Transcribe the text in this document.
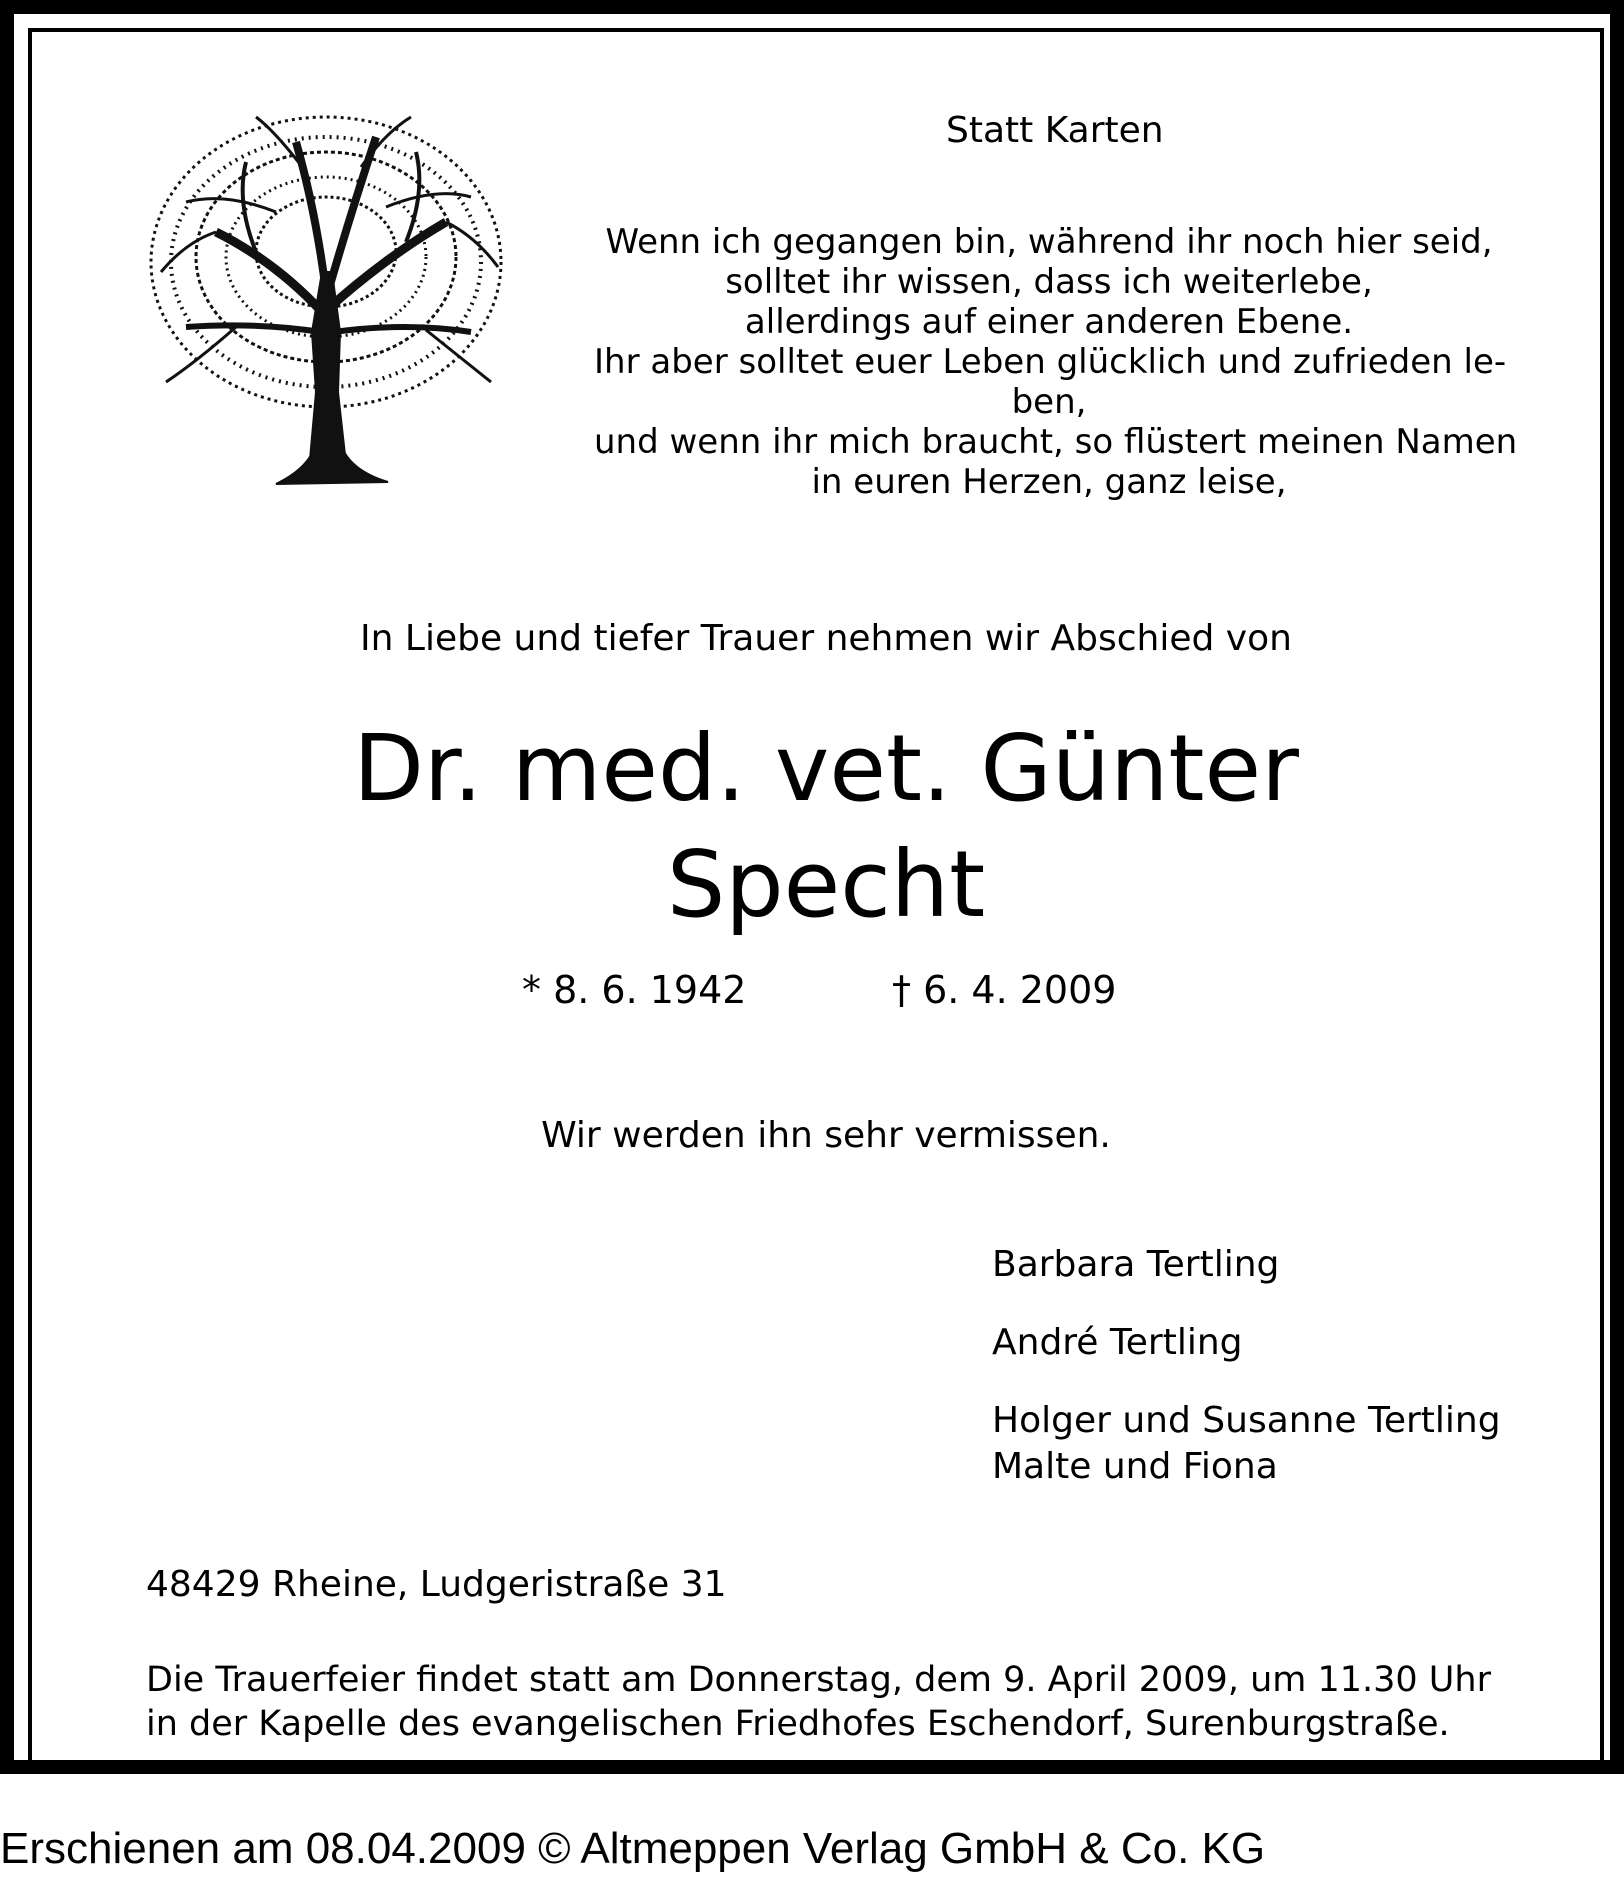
Statt Karten
Wenn ich gegangen bin, während ihr noch hier seid,
solltet ihr wissen, dass ich weiterlebe,
allerdings auf einer anderen Ebene.
Ihr aber solltet euer Leben glücklich und zufrieden le-
ben,
und wenn ihr mich braucht, so flüstert meinen Namen
in euren Herzen, ganz leise,
In Liebe und tiefer Trauer nehmen wir Abschied von
Dr. med. vet. Günter
Specht
* 8. 6. 1942	† 6. 4. 2009
Wir werden ihn sehr vermissen.
Barbara Tertling
André Tertling
Holger und Susanne Tertling
Malte und Fiona
48429 Rheine, Ludgeristraße 31
Die Trauerfeier findet statt am Donnerstag, dem 9. April 2009, um 11.30 Uhr
in der Kapelle des evangelischen Friedhofes Eschendorf, Surenburgstraße.
Erschienen am 08.04.2009 © Altmeppen Verlag GmbH & Co. KG
